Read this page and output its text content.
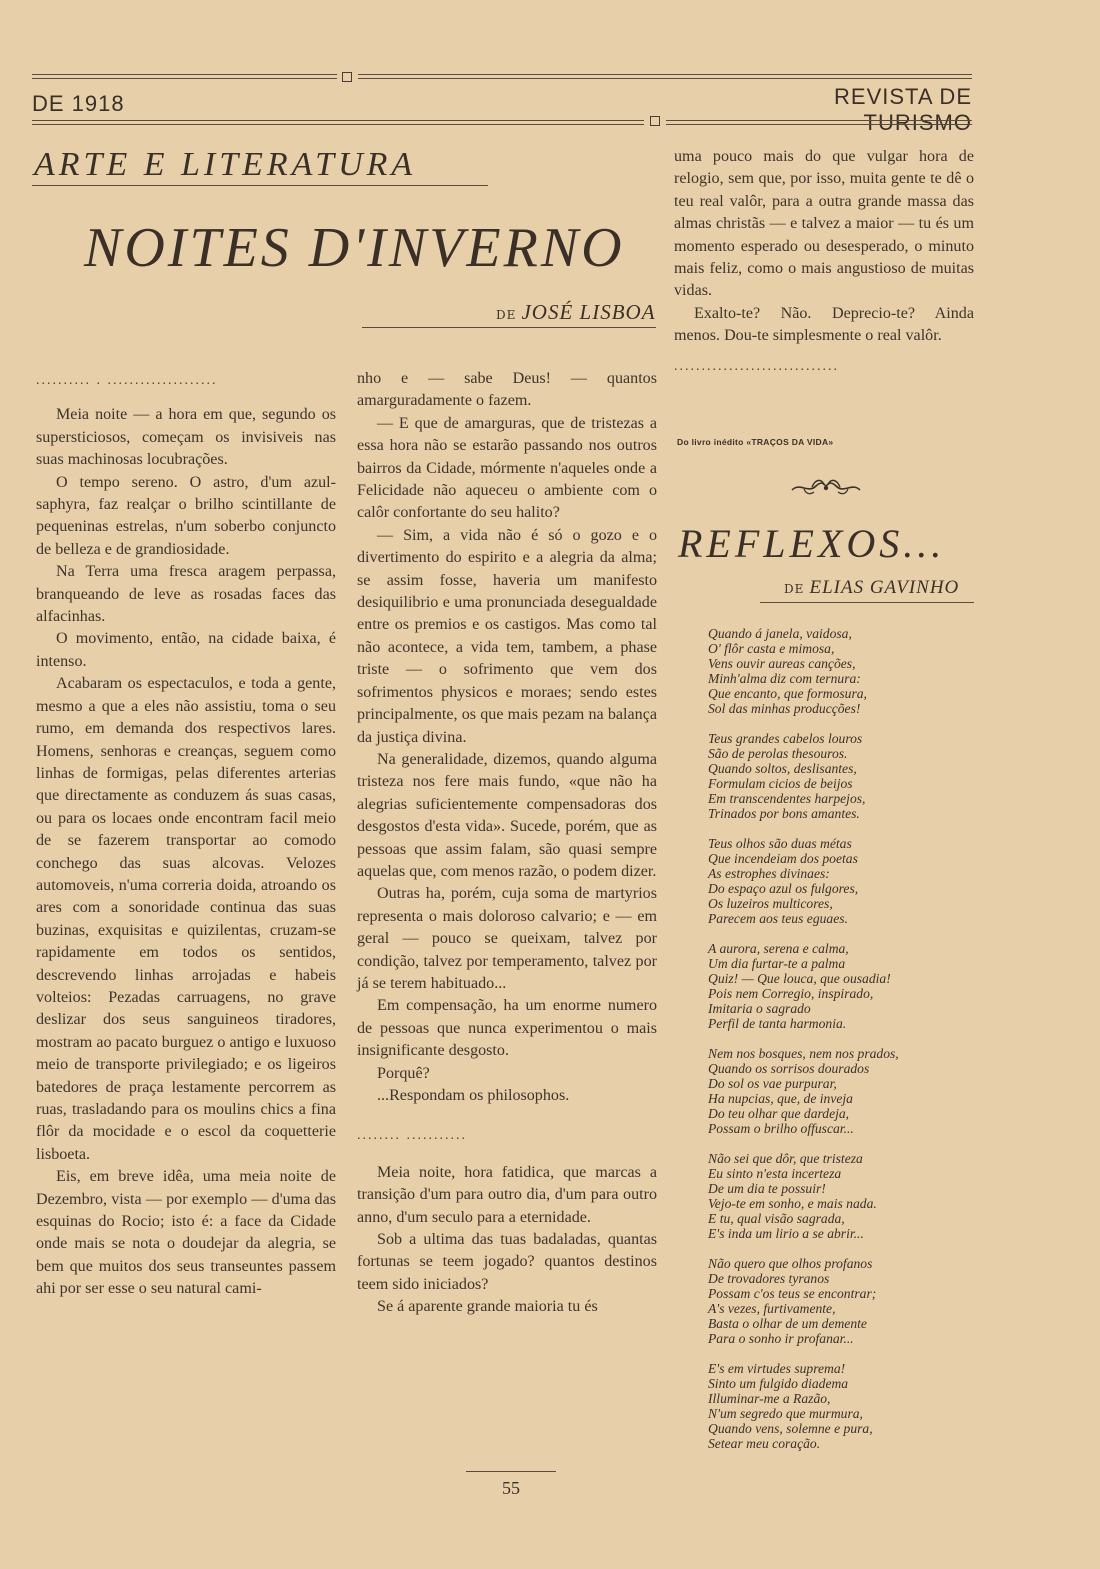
DE 1918	REVISTA DE TURISMO
ARTE E LITERATURA
NOITES D'INVERNO
DE JOSÉ LISBOA
.......... . ....................

Meia noite — a hora em que, segundo os supersticiosos, começam os invisiveis nas suas machinosas locubrações.

O tempo sereno. O astro, d'um azul-saphyra, faz realçar o brilho scintillante de pequeninas estrelas, n'um soberbo conjuncto de belleza e de grandiosidade.

Na Terra uma fresca aragem perpassa, branqueando de leve as rosadas faces das alfacinhas.

O movimento, então, na cidade baixa, é intenso.

Acabaram os espectaculos, e toda a gente, mesmo a que a eles não assistiu, toma o seu rumo, em demanda dos respectivos lares. Homens, senhoras e creanças, seguem como linhas de formigas, pelas diferentes arterias que directamente as conduzem ás suas casas, ou para os locaes onde encontram facil meio de se fazerem transportar ao comodo conchego das suas alcovas. Velozes automoveis, n'uma correria doida, atroando os ares com a sonoridade continua das suas buzinas, exquisitas e quizilentas, cruzam-se rapidamente em todos os sentidos, descrevendo linhas arrojadas e habeis volteios: Pezadas carruagens, no grave deslizar dos seus sanguineos tiradores, mostram ao pacato burguez o antigo e luxuoso meio de transporte privilegiado; e os ligeiros batedores de praça lestamente percorrem as ruas, trasladando para os moulins chics a fina flôr da mocidade e o escol da coquetterie lisboeta.

Eis, em breve idêa, uma meia noite de Dezembro, vista — por exemplo — d'uma das esquinas do Rocio; isto é: a face da Cidade onde mais se nota o doudejar da alegria, se bem que muitos dos seus transeuntes passem ahi por ser esse o seu natural cami-

nho e — sabe Deus! — quantos amarguradamente o fazem.

— E que de amarguras, que de tristezas a essa hora não se estarão passando nos outros bairros da Cidade, mórmente n'aqueles onde a Felicidade não aqueceu o ambiente com o calôr confortante do seu halito?

— Sim, a vida não é só o gozo e o divertimento do espirito e a alegria da alma; se assim fosse, haveria um manifesto desiquilibrio e uma pronunciada desegualdade entre os premios e os castigos. Mas como tal não acontece, a vida tem, tambem, a phase triste — o sofrimento que vem dos sofrimentos physicos e moraes; sendo estes principalmente, os que mais pezam na balança da justiça divina.

Na generalidade, dizemos, quando alguma tristeza nos fere mais fundo, «que não ha alegrias suficientemente compensadoras dos desgostos d'esta vida». Sucede, porém, que as pessoas que assim falam, são quasi sempre aquelas que, com menos razão, o podem dizer.

Outras ha, porém, cuja soma de martyrios representa o mais doloroso calvario; e — em geral — pouco se queixam, talvez por condição, talvez por temperamento, talvez por já se terem habituado...

Em compensação, ha um enorme numero de pessoas que nunca experimentou o mais insignificante desgosto.

Porquê?

...Respondam os philosophos.

........ ...........

Meia noite, hora fatidica, que marcas a transição d'um para outro dia, d'um para outro anno, d'um seculo para a eternidade.

Sob a ultima das tuas badaladas, quantas fortunas se teem jogado? quantos destinos teem sido iniciados?

Se á aparente grande maioria tu és

uma pouco mais do que vulgar hora de relogio, sem que, por isso, muita gente te dê o teu real valôr, para a outra grande massa das almas christãs — e talvez a maior — tu és um momento esperado ou desesperado, o minuto mais feliz, como o mais angustioso de muitas vidas.

Exalto-te? Não. Deprecio-te? Ainda menos. Dou-te simplesmente o real valôr.

..............................
Do livro inédito «TRAÇOS DA VIDA»
REFLEXOS...
DE ELIAS GAVINHO
Quando á janela, vaidosa,
O' flôr casta e mimosa,
Vens ouvir aureas canções,
Minh'alma diz com ternura:
Que encanto, que formosura,
Sol das minhas producções!
Teus grandes cabelos louros
São de perolas thesouros.
Quando soltos, deslisantes,
Formulam cicios de beijos
Em transcendentes harpejos,
Trinados por bons amantes.
Teus olhos são duas métas
Que incendeiam dos poetas
As estrophes divinaes:
Do espaço azul os fulgores,
Os luzeiros multicores,
Parecem aos teus eguaes.
A aurora, serena e calma,
Um dia furtar-te a palma
Quiz! — Que louca, que ousadia!
Pois nem Corregio, inspirado,
Imitaria o sagrado
Perfil de tanta harmonia.
Nem nos bosques, nem nos prados,
Quando os sorrisos dourados
Do sol os vae purpurar,
Ha nupcias, que, de inveja
Do teu olhar que dardeja,
Possam o brilho offuscar...
Não sei que dôr, que tristeza
Eu sinto n'esta incerteza
De um dia te possuir!
Vejo-te em sonho, e mais nada.
E tu, qual visão sagrada,
E's inda um lirio a se abrir...
Não quero que olhos profanos
De trovadores tyranos
Possam c'os teus se encontrar;
A's vezes, furtivamente,
Basta o olhar de um demente
Para o sonho ir profanar...
E's em virtudes suprema!
Sinto um fulgido diadema
Illuminar-me a Razão,
N'um segredo que murmura,
Quando vens, solemne e pura,
Setear meu coração.
55
